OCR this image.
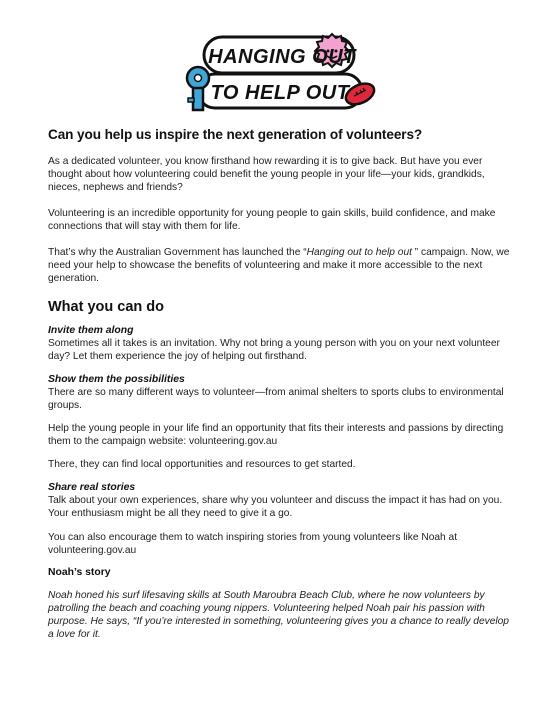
HANGING OUT
TO HELP OUT
Can you help us inspire the next generation of volunteers?

As a dedicated volunteer, you know firsthand how rewarding it is to give back. But have you ever thought about how volunteering could benefit the young people in your life—your kids, grandkids, nieces, nephews and friends?

Volunteering is an incredible opportunity for young people to gain skills, build confidence, and make connections that will stay with them for life.

That’s why the Australian Government has launched the “Hanging out to help out ” campaign. Now, we need your help to showcase the benefits of volunteering and make it more accessible to the next generation.

What you can do
Invite them along

Sometimes all it takes is an invitation. Why not bring a young person with you on your next volunteer day? Let them experience the joy of helping out firsthand.

Show them the possibilities

There are so many different ways to volunteer—from animal shelters to sports clubs to environmental groups.

Help the young people in your life find an opportunity that fits their interests and passions by directing them to the campaign website: volunteering.gov.au

There, they can find local opportunities and resources to get started.

Share real stories

Talk about your own experiences, share why you volunteer and discuss the impact it has had on you. Your enthusiasm might be all they need to give it a go.

You can also encourage them to watch inspiring stories from young volunteers like Noah at volunteering.gov.au

Noah’s story

Noah honed his surf lifesaving skills at South Maroubra Beach Club, where he now volunteers by patrolling the beach and coaching young nippers. Volunteering helped Noah pair his passion with purpose. He says, “If you’re interested in something, volunteering gives you a chance to really develop a love for it.
